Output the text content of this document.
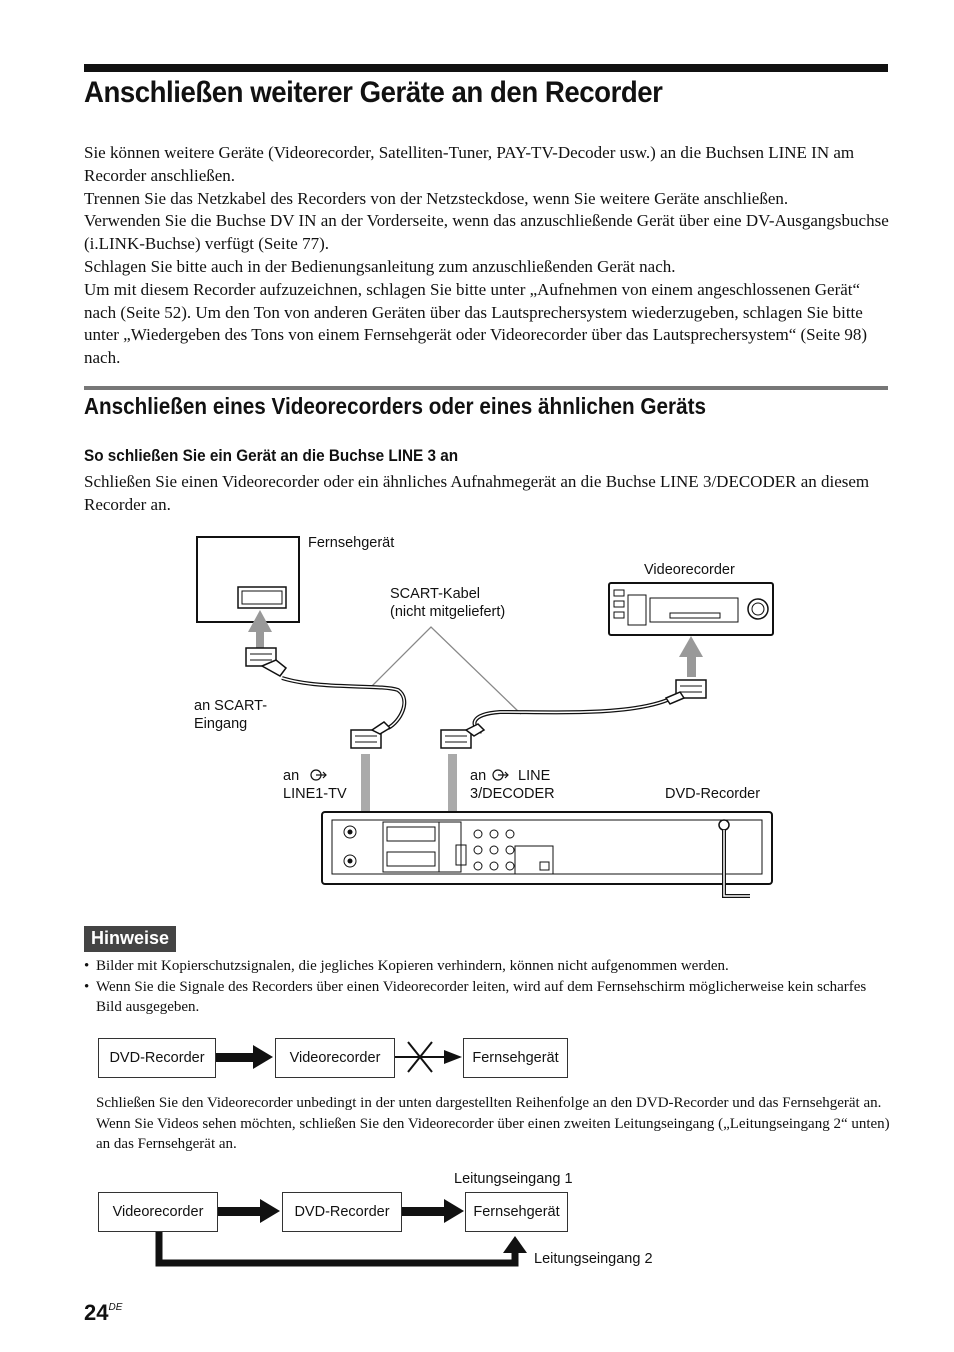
Anschließen weiterer Geräte an den Recorder

Sie können weitere Geräte (Videorecorder, Satelliten-Tuner, PAY-TV-Decoder usw.) an die Buchsen LINE IN am Recorder anschließen.

Trennen Sie das Netzkabel des Recorders von der Netzsteckdose, wenn Sie weitere Geräte anschließen.

Verwenden Sie die Buchse DV IN an der Vorderseite, wenn das anzuschließende Gerät über eine DV-Ausgangsbuchse (i.LINK-Buchse) verfügt (Seite 77).

Schlagen Sie bitte auch in der Bedienungsanleitung zum anzuschließenden Gerät nach.

Um mit diesem Recorder aufzuzeichnen, schlagen Sie bitte unter „Aufnehmen von einem angeschlossenen Gerät“ nach (Seite 52). Um den Ton von anderen Geräten über das Lautsprechersystem wiederzugeben, schlagen Sie bitte unter „Wiedergeben des Tons von einem Fernsehgerät oder Videorecorder über das Lautsprechersystem“ (Seite 98) nach.

Anschließen eines Videorecorders oder eines ähnlichen Geräts
So schließen Sie ein Gerät an die Buchse LINE 3 an

Schließen Sie einen Videorecorder oder ein ähnliches Aufnahmegerät an die Buchse LINE 3/DECODER an diesem Recorder an.

Fernsehgerät
Videorecorder
SCART-Kabel
(nicht mitgeliefert)
an SCART-
Eingang
an
LINE1-TV
an LINE
3/DECODER	DVD-Recorder
Hinweise
• Bilder mit Kopierschutzsignalen, die jegliches Kopieren verhindern, können nicht aufgenommen werden.
• Wenn Sie die Signale des Recorders über einen Videorecorder leiten, wird auf dem Fernsehschirm möglicherweise kein scharfes Bild ausgegeben.
DVD-Recorder	Videorecorder	Fernsehgerät

Schließen Sie den Videorecorder unbedingt in der unten dargestellten Reihenfolge an den DVD-Recorder und das Fernsehgerät an. Wenn Sie Videos sehen möchten, schließen Sie den Videorecorder über einen zweiten Leitungseingang („Leitungseingang 2“ unten) an das Fernsehgerät an.

Leitungseingang 1
Videorecorder	DVD-Recorder	Fernsehgerät
Leitungseingang 2
24DE
